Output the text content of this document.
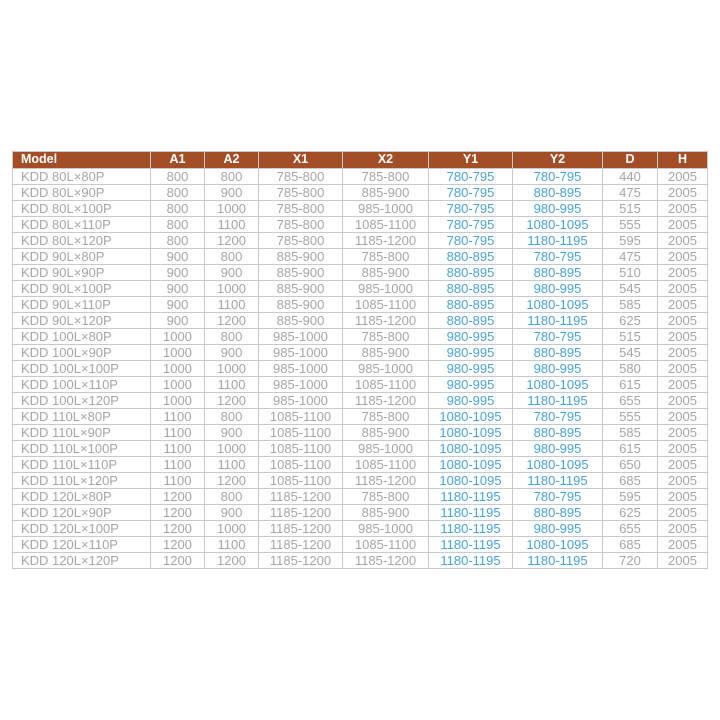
Model	A1	A2	X1	X2	Y1	Y2	D	H
KDD 80L×80P	800	800	785-800	785-800	780-795	780-795	440	2005
KDD 80L×90P	800	900	785-800	885-900	780-795	880-895	475	2005
KDD 80L×100P	800	1000	785-800	985-1000	780-795	980-995	515	2005
KDD 80L×110P	800	1100	785-800	1085-1100	780-795	1080-1095	555	2005
KDD 80L×120P	800	1200	785-800	1185-1200	780-795	1180-1195	595	2005
KDD 90L×80P	900	800	885-900	785-800	880-895	780-795	475	2005
KDD 90L×90P	900	900	885-900	885-900	880-895	880-895	510	2005
KDD 90L×100P	900	1000	885-900	985-1000	880-895	980-995	545	2005
KDD 90L×110P	900	1100	885-900	1085-1100	880-895	1080-1095	585	2005
KDD 90L×120P	900	1200	885-900	1185-1200	880-895	1180-1195	625	2005
KDD 100L×80P	1000	800	985-1000	785-800	980-995	780-795	515	2005
KDD 100L×90P	1000	900	985-1000	885-900	980-995	880-895	545	2005
KDD 100L×100P	1000	1000	985-1000	985-1000	980-995	980-995	580	2005
KDD 100L×110P	1000	1100	985-1000	1085-1100	980-995	1080-1095	615	2005
KDD 100L×120P	1000	1200	985-1000	1185-1200	980-995	1180-1195	655	2005
KDD 110L×80P	1100	800	1085-1100	785-800	1080-1095	780-795	555	2005
KDD 110L×90P	1100	900	1085-1100	885-900	1080-1095	880-895	585	2005
KDD 110L×100P	1100	1000	1085-1100	985-1000	1080-1095	980-995	615	2005
KDD 110L×110P	1100	1100	1085-1100	1085-1100	1080-1095	1080-1095	650	2005
KDD 110L×120P	1100	1200	1085-1100	1185-1200	1080-1095	1180-1195	685	2005
KDD 120L×80P	1200	800	1185-1200	785-800	1180-1195	780-795	595	2005
KDD 120L×90P	1200	900	1185-1200	885-900	1180-1195	880-895	625	2005
KDD 120L×100P	1200	1000	1185-1200	985-1000	1180-1195	980-995	655	2005
KDD 120L×110P	1200	1100	1185-1200	1085-1100	1180-1195	1080-1095	685	2005
KDD 120L×120P	1200	1200	1185-1200	1185-1200	1180-1195	1180-1195	720	2005
